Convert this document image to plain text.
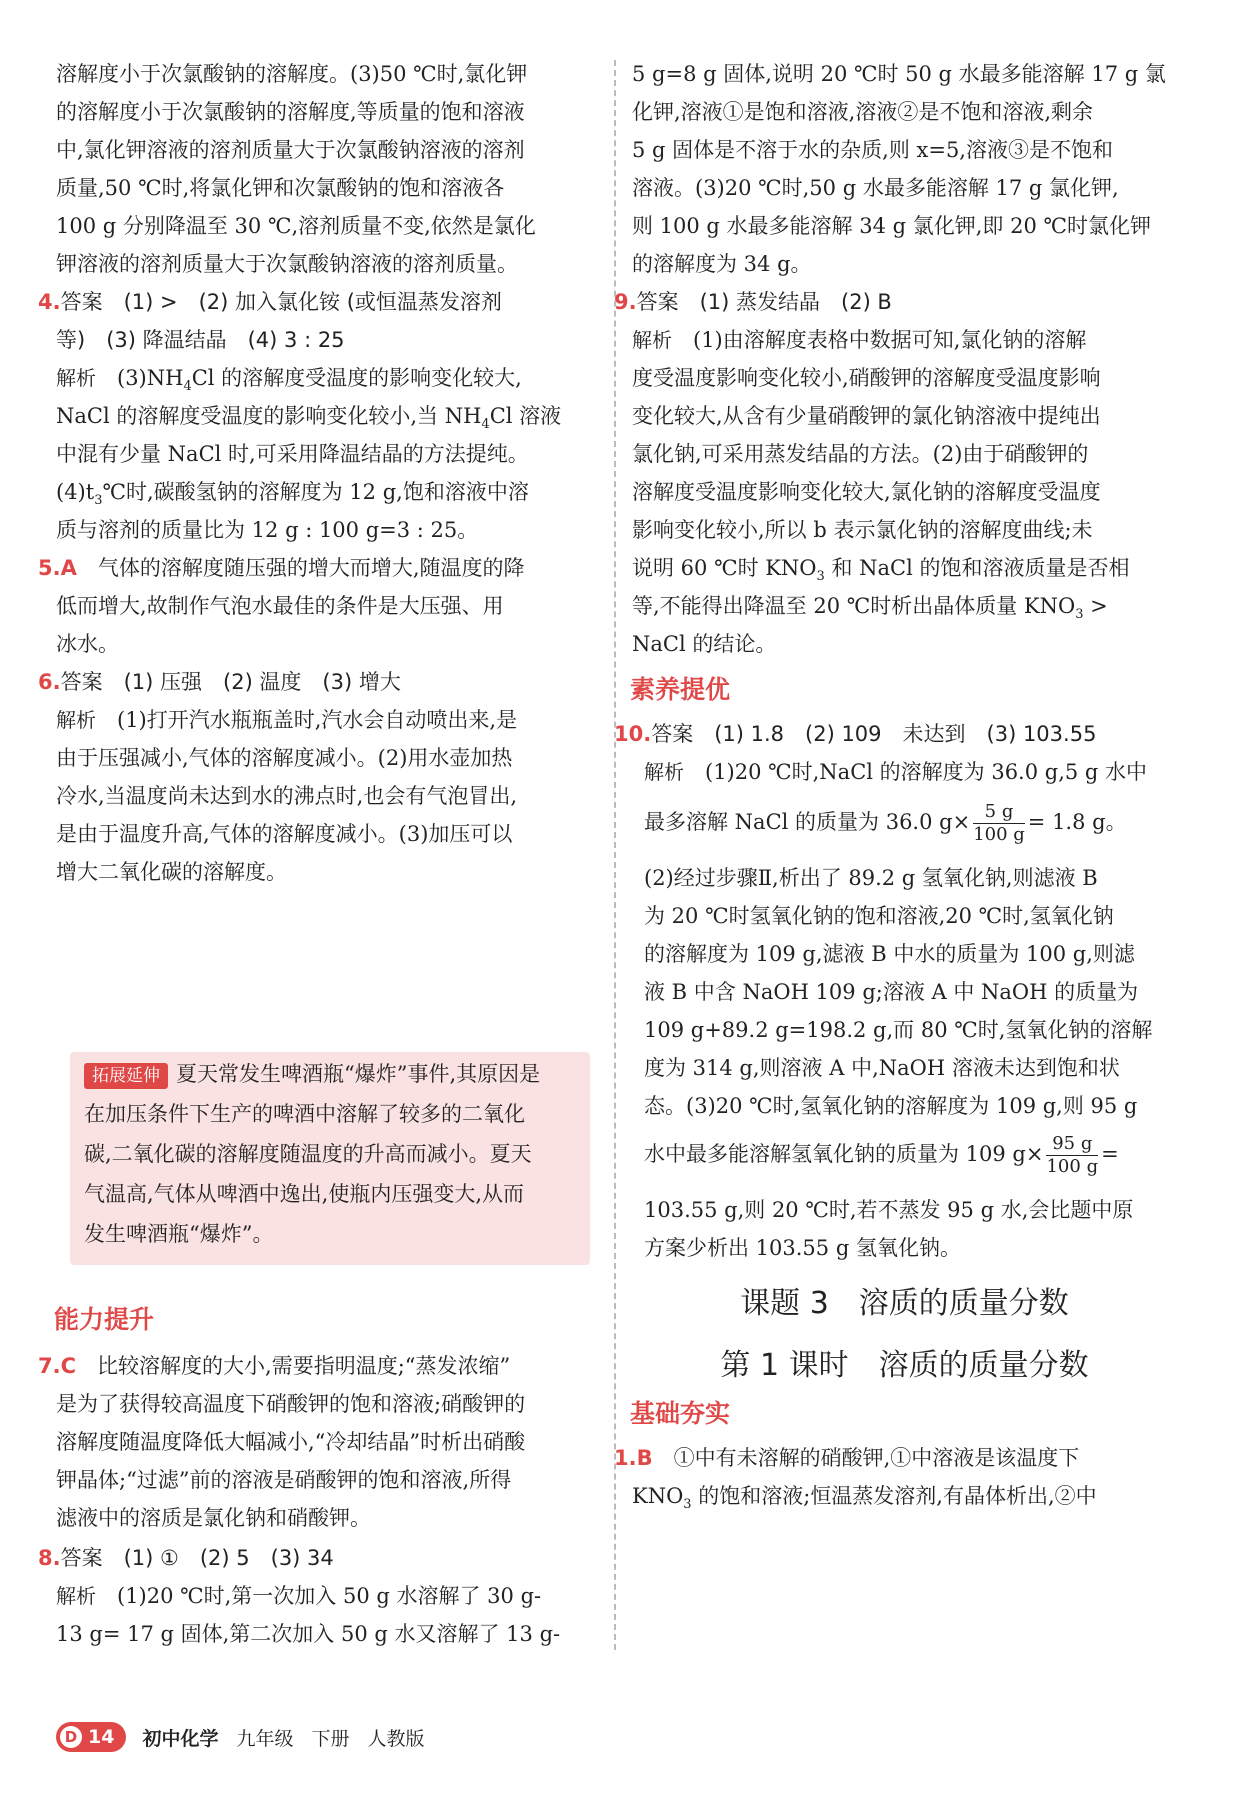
溶解度小于次氯酸钠的溶解度。(3)50 ℃时,氯化钾
的溶解度小于次氯酸钠的溶解度,等质量的饱和溶液
中,氯化钾溶液的溶剂质量大于次氯酸钠溶液的溶剂
质量,50 ℃时,将氯化钾和次氯酸钠的饱和溶液各
100 g 分别降温至 30 ℃,溶剂质量不变,依然是氯化
钾溶液的溶剂质量大于次氯酸钠溶液的溶剂质量。
4.答案　(1) >　(2) 加入氯化铵 (或恒温蒸发溶剂
等)　(3) 降温结晶　(4) 3 : 25
解析　$(3)NH_4Cl$ 的溶解度受温度的影响变化较大,
NaCl 的溶解度受温度的影响变化较小,当 $NH_4Cl$ 溶液
中混有少量 NaCl 时,可采用降温结晶的方法提纯。
$(4)t_3℃$时,碳酸氢钠的溶解度为 12 g,饱和溶液中溶
质与溶剂的质量比为 12 g : 100 g=3 : 25。
5.A　气体的溶解度随压强的增大而增大,随温度的降
低而增大,故制作气泡水最佳的条件是大压强、用
冰水。
6.答案　(1) 压强　(2) 温度　(3) 增大
解析　(1)打开汽水瓶瓶盖时,汽水会自动喷出来,是
由于压强减小,气体的溶解度减小。(2)用水壶加热
冷水,当温度尚未达到水的沸点时,也会有气泡冒出,
是由于温度升高,气体的溶解度减小。(3)加压可以
增大二氧化碳的溶解度。
拓展延伸 夏天常发生啤酒瓶“爆炸”事件,其原因是
在加压条件下生产的啤酒中溶解了较多的二氧化
碳,二氧化碳的溶解度随温度的升高而减小。夏天
气温高,气体从啤酒中逸出,使瓶内压强变大,从而
发生啤酒瓶“爆炸”。
能力提升
7.C　比较溶解度的大小,需要指明温度;“蒸发浓缩”
是为了获得较高温度下硝酸钾的饱和溶液;硝酸钾的
溶解度随温度降低大幅减小,“冷却结晶”时析出硝酸
钾晶体;“过滤”前的溶液是硝酸钾的饱和溶液,所得
滤液中的溶质是氯化钠和硝酸钾。
8.答案　(1) ①　(2) 5　(3) 34
解析　(1)20 ℃时,第一次加入 50 g 水溶解了 30 g-
13 g= 17 g 固体,第二次加入 50 g 水又溶解了 13 g-
5 g=8 g 固体,说明 20 ℃时 50 g 水最多能溶解 17 g 氯
化钾,溶液①是饱和溶液,溶液②是不饱和溶液,剩余
5 g 固体是不溶于水的杂质,则 x=5,溶液③是不饱和
溶液。(3)20 ℃时,50 g 水最多能溶解 17 g 氯化钾,
则 100 g 水最多能溶解 34 g 氯化钾,即 20 ℃时氯化钾
的溶解度为 34 g。
9.答案　(1) 蒸发结晶　(2) B
解析　(1)由溶解度表格中数据可知,氯化钠的溶解
度受温度影响变化较小,硝酸钾的溶解度受温度影响
变化较大,从含有少量硝酸钾的氯化钠溶液中提纯出
氯化钠,可采用蒸发结晶的方法。(2)由于硝酸钾的
溶解度受温度影响变化较大,氯化钠的溶解度受温度
影响变化较小,所以 b 表示氯化钠的溶解度曲线;未
说明 60 ℃时 $KNO_3$ 和 NaCl 的饱和溶液质量是否相
等,不能得出降温至 20 ℃时析出晶体质量 $KNO_3$ >
NaCl 的结论。
素养提优
10.答案　(1) 1.8　(2) 109　未达到　(3) 103.55
解析　(1)20 ℃时,NaCl 的溶解度为 36.0 g,5 g 水中
最多溶解 NaCl 的质量为 36.0 $g\times \frac{5 g}{100 g} = 1.8$ g。
(2)经过步骤Ⅱ,析出了 89.2 g 氢氧化钠,则滤液 B
为 20 ℃时氢氧化钠的饱和溶液,20 ℃时,氢氧化钠
的溶解度为 109 g,滤液 B 中水的质量为 100 g,则滤
液 B 中含 NaOH 109 g;溶液 A 中 NaOH 的质量为
109 g+89.2 g=198.2 g,而 80 ℃时,氢氧化钠的溶解
度为 314 g,则溶液 A 中,NaOH 溶液未达到饱和状
态。(3)20 ℃时,氢氧化钠的溶解度为 109 g,则 95 g
水中最多能溶解氢氧化钠的质量为 109 $g\times \frac{95 g}{100 g}$ =
103.55 g,则 20 ℃时,若不蒸发 95 g 水,会比题中原
方案少析出 103.55 g 氢氧化钠。
课题 3　溶质的质量分数
第 1 课时　溶质的质量分数
基础夯实
1.B　①中有未溶解的硝酸钾,①中溶液是该温度下
$KNO_3$ 的饱和溶液;恒温蒸发溶剂,有晶体析出,②中
D 14 初中化学 九年级 下册 人教版
